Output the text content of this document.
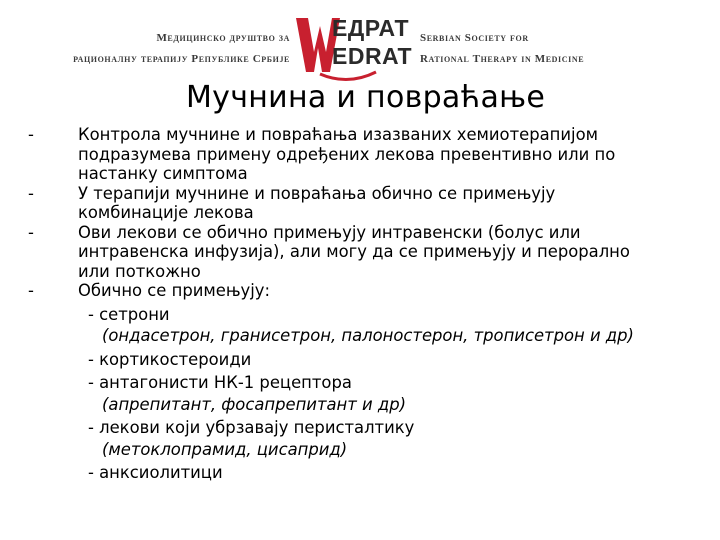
Медицинско друштво за
рационалну терапију Републике Србије
ЕДРАТ
EDRAT
Serbian Society for
Rational Therapy in Medicine
Мучнина и повраћање
-	Контрола мучнине и повраћања изазваних хемиотерапијом
подразумева примену одређених лекова превентивно или по
настанку симптома
-	У терапији мучнине и повраћања обично се примењују
комбинације лекова
-	Ови лекови се обично примењују интравенски (болус или
интравенска инфузија), али могу да се примењују и перорално
или поткожно
-	Обично се примењују:
- сетрони
(ондасетрон, гранисетрон, палоностерон, трописетрон и др)
- кортикостероиди
- антагонисти НК-1 рецептора
(апрепитант, фосапрепитант и др)
- лекови који убрзавају перисталтику
(метоклопрамид, цисаприд)
- анксиолитици
